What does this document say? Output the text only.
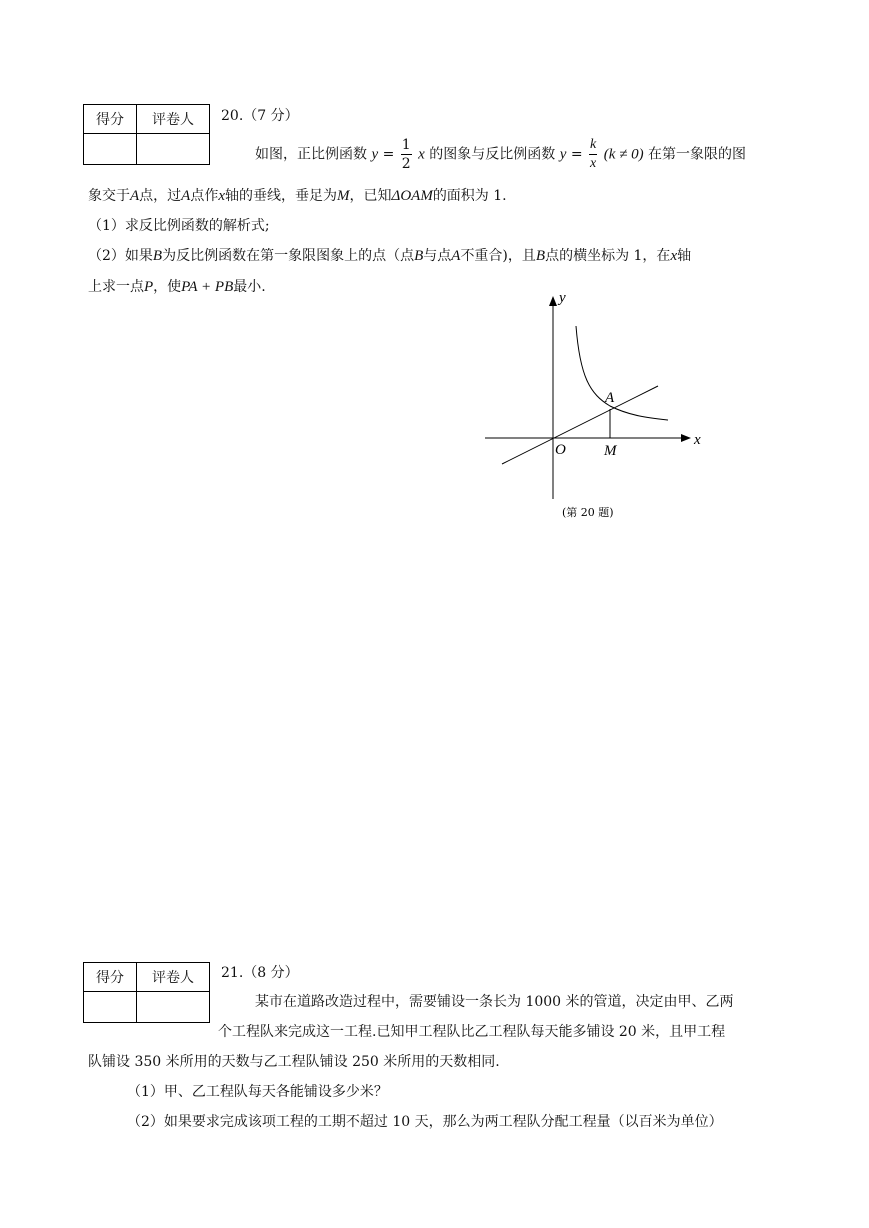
得分	评卷人
	20.（7 分）
如图，正比例函数 $y = \frac{1}{2}$ x 的图象与反比例函数 $y = \frac{k}{x} (k \ne 0)$ 在第一象限的图
象交于A点，过A点作x轴的垂线，垂足为M，已知ΔOAM的面积为 1.
（1）求反比例函数的解析式;
（2）如果B为反比例函数在第一象限图象上的点（点B与点A不重合)，且B点的横坐标为 1，在x轴
上求一点P，使PA + PB最小.
y
x
O
A
M
(第 20 题)
得分	评卷人
	21.（8 分）
某市在道路改造过程中，需要铺设一条长为 1000 米的管道，决定由甲、乙两
个工程队来完成这一工程.已知甲工程队比乙工程队每天能多铺设 20 米，且甲工程
队铺设 350 米所用的天数与乙工程队铺设 250 米所用的天数相同.
（1）甲、乙工程队每天各能铺设多少米？
（2）如果要求完成该项工程的工期不超过 10 天，那么为两工程队分配工程量（以百米为单位）
